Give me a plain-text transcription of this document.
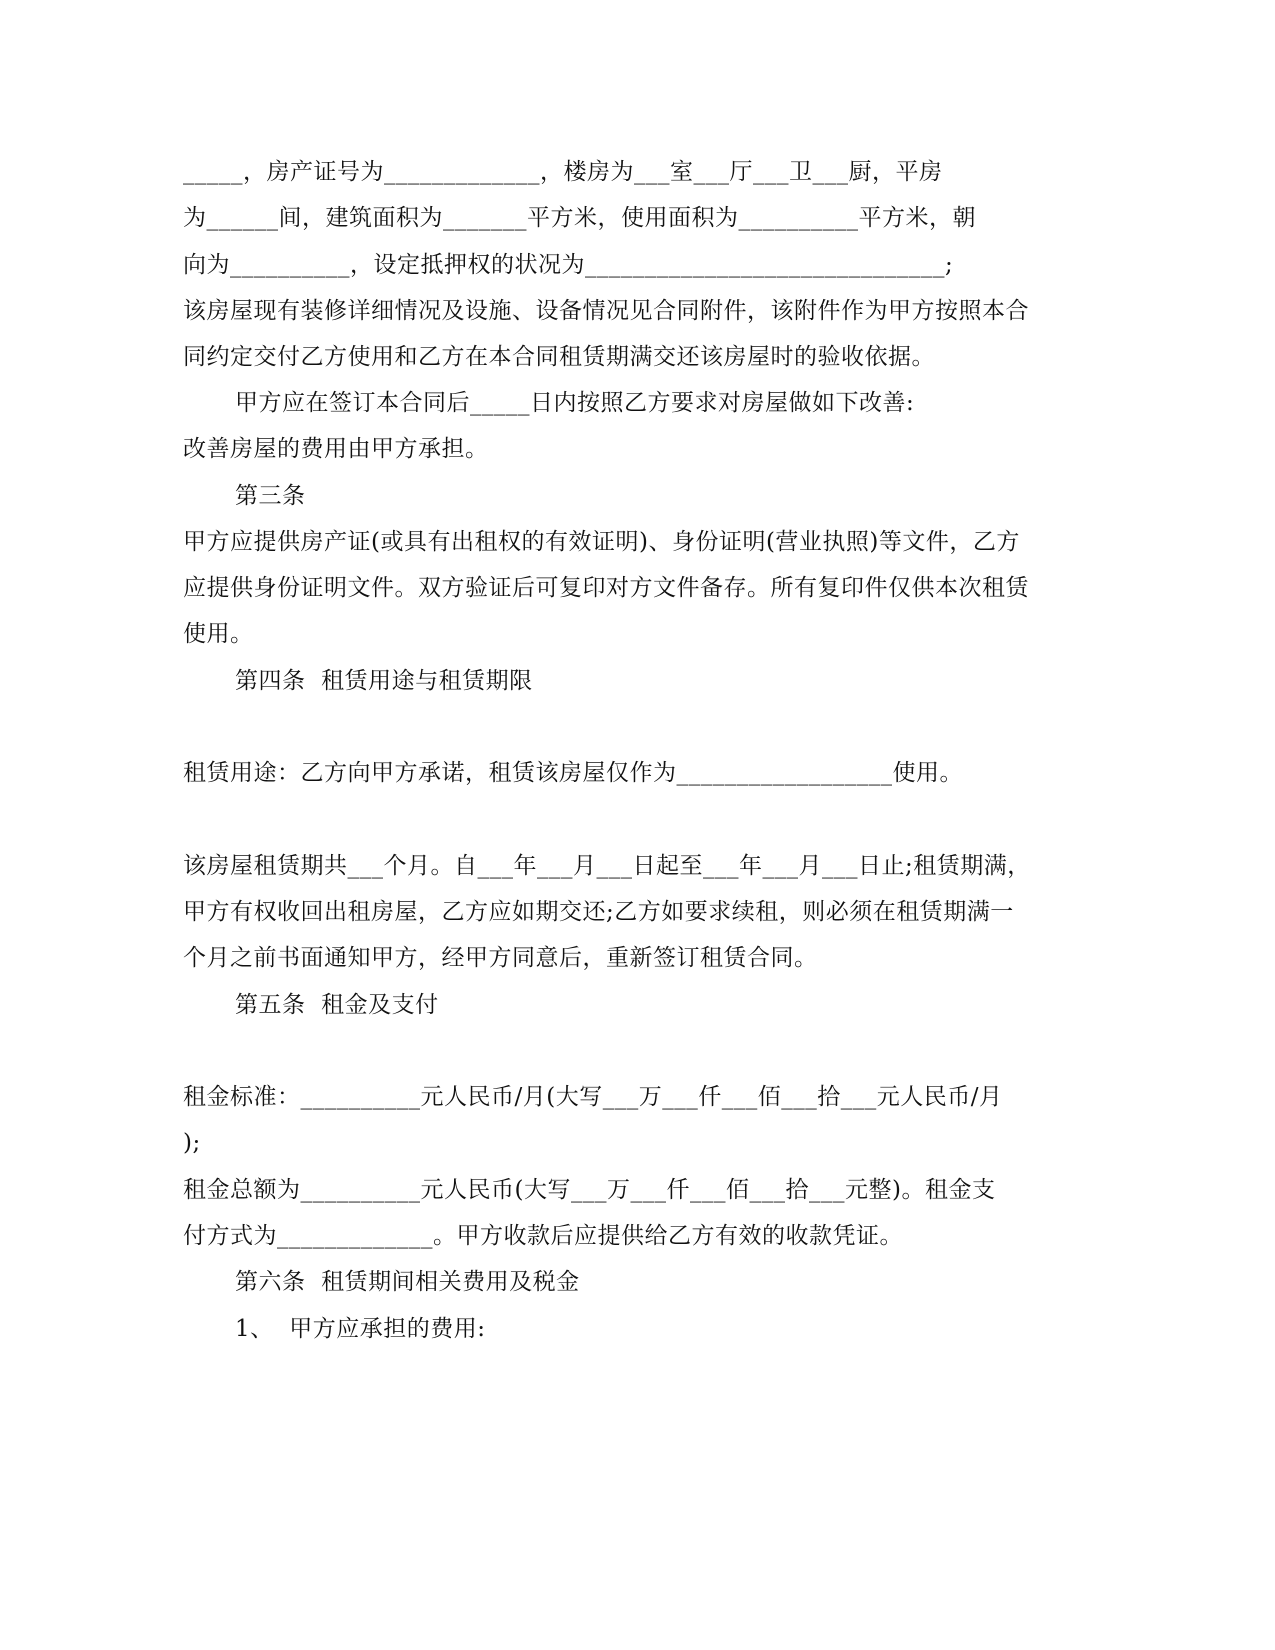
_____，房产证号为_____________，楼房为___室___厅___卫___厨，平房
为______间，建筑面积为_______平方米，使用面积为__________平方米，朝
向为__________，设定抵押权的状况为______________________________;
该房屋现有装修详细情况及设施、设备情况见合同附件，该附件作为甲方按照本合
同约定交付乙方使用和乙方在本合同租赁期满交还该房屋时的验收依据。
甲方应在签订本合同后_____日内按照乙方要求对房屋做如下改善:
改善房屋的费用由甲方承担。
第三条
甲方应提供房产证(或具有出租权的有效证明)、身份证明(营业执照)等文件，乙方
应提供身份证明文件。双方验证后可复印对方文件备存。所有复印件仅供本次租赁
使用。
第四条  租赁用途与租赁期限
租赁用途：乙方向甲方承诺，租赁该房屋仅作为__________________使用。
该房屋租赁期共___个月。自___年___月___日起至___年___月___日止;租赁期满，
甲方有权收回出租房屋，乙方应如期交还;乙方如要求续租，则必须在租赁期满一
个月之前书面通知甲方，经甲方同意后，重新签订租赁合同。
第五条  租金及支付
租金标准：__________元人民币/月(大写___万___仟___佰___拾___元人民币/月
);
租金总额为__________元人民币(大写___万___仟___佰___拾___元整)。租金支
付方式为_____________。甲方收款后应提供给乙方有效的收款凭证。
第六条  租赁期间相关费用及税金
1、  甲方应承担的费用:
